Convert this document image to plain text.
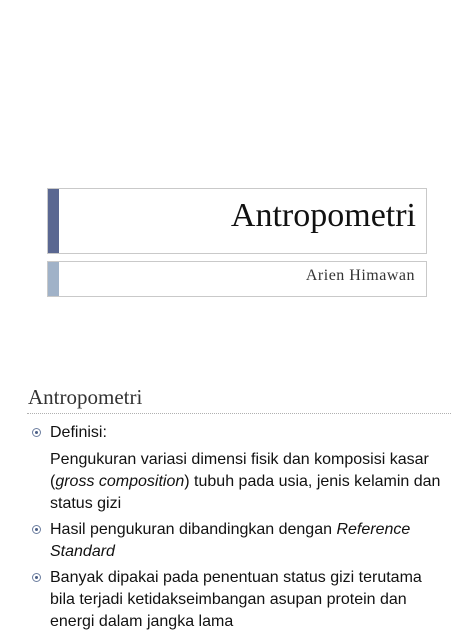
Antropometri
Arien Himawan
Antropometri
Definisi:
Pengukuran variasi dimensi fisik dan komposisi kasar
(gross composition) tubuh pada usia, jenis kelamin dan
status gizi
Hasil pengukuran dibandingkan dengan Reference
Standard
Banyak dipakai pada penentuan status gizi terutama
bila terjadi ketidakseimbangan asupan protein dan
energi dalam jangka lama
